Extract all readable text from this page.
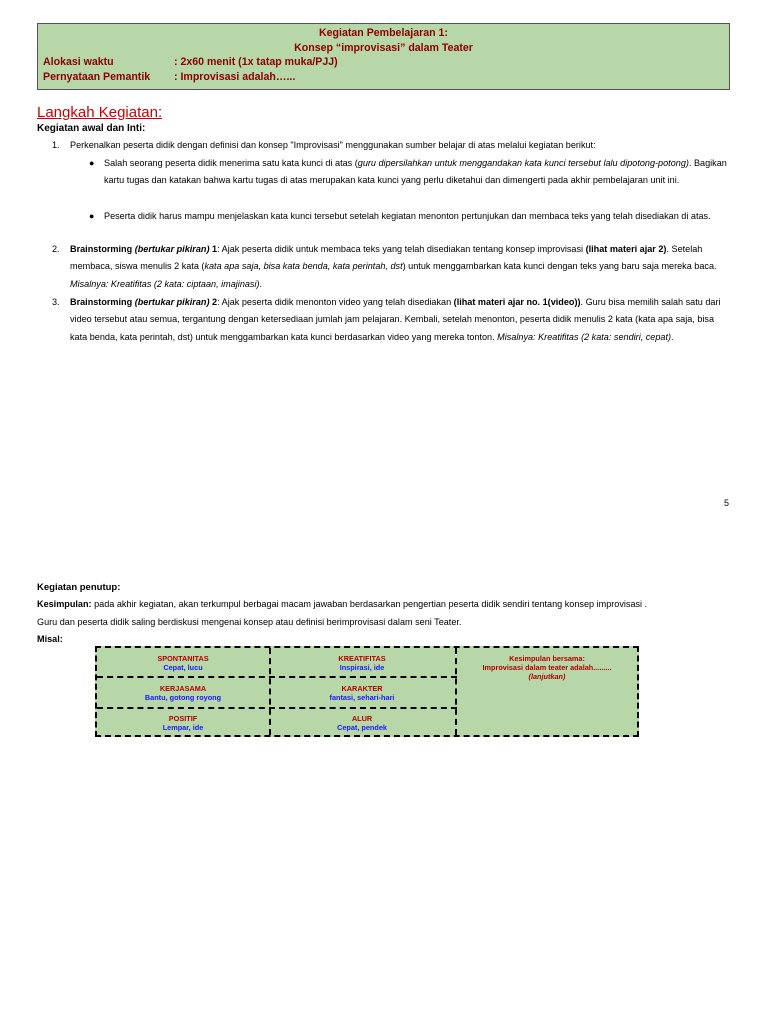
Kegiatan Pembelajaran 1:
Konsep “improvisasi” dalam Teater
Alokasi waktu	: 2x60 menit (1x tatap muka/PJJ)
Pernyataan Pemantik : Improvisasi adalah…...
Langkah Kegiatan:
Kegiatan awal dan Inti:
1. Perkenalkan peserta didik dengan definisi dan konsep "Improvisasi" menggunakan sumber belajar di atas melalui kegiatan berikut:
● Salah seorang peserta didik menerima satu kata kunci di atas (guru dipersilahkan untuk menggandakan kata kunci tersebut lalu dipotong-potong). Bagikan kartu tugas dan katakan bahwa kartu tugas di atas merupakan kata kunci yang perlu diketahui dan dimengerti pada akhir pembelajaran unit ini.
● Peserta didik harus mampu menjelaskan kata kunci tersebut setelah kegiatan menonton pertunjukan dan membaca teks yang telah disediakan di atas.
2. Brainstorming (bertukar pikiran) 1: Ajak peserta didik untuk membaca teks yang telah disediakan tentang konsep improvisasi (lihat materi ajar 2). Setelah membaca, siswa menulis 2 kata (kata apa saja, bisa kata benda, kata perintah, dst) untuk menggambarkan kata kunci dengan teks yang baru saja mereka baca. Misalnya: Kreatifitas (2 kata: ciptaan, imajinasi).
3. Brainstorming (bertukar pikiran) 2: Ajak peserta didik menonton video yang telah disediakan (lihat materi ajar no. 1(video)). Guru bisa memilih salah satu dari video tersebut atau semua, tergantung dengan ketersediaan jumlah jam pelajaran. Kembali, setelah menonton, peserta didik menulis 2 kata (kata apa saja, bisa kata benda, kata perintah, dst) untuk menggambarkan kata kunci berdasarkan video yang mereka tonton. Misalnya: Kreatifitas (2 kata: sendiri, cepat).
5
Kegiatan penutup:
Kesimpulan: pada akhir kegiatan, akan terkumpul berbagai macam jawaban berdasarkan pengertian peserta didik sendiri tentang konsep improvisasi .
Guru dan peserta didik saling berdiskusi mengenai konsep atau definisi berimprovisasi dalam seni Teater.
Misal:
SPONTANITAS
Cepat, lucu
KREATIFITAS
Inspirasi, ide
KERJASAMA
Bantu, gotong royong
KARAKTER
fantasi, sehari-hari
POSITIF
Lempar, ide
ALUR
Cepat, pendek
Kesimpulan bersama:
Improvisasi dalam teater adalah.........
(lanjutkan)
